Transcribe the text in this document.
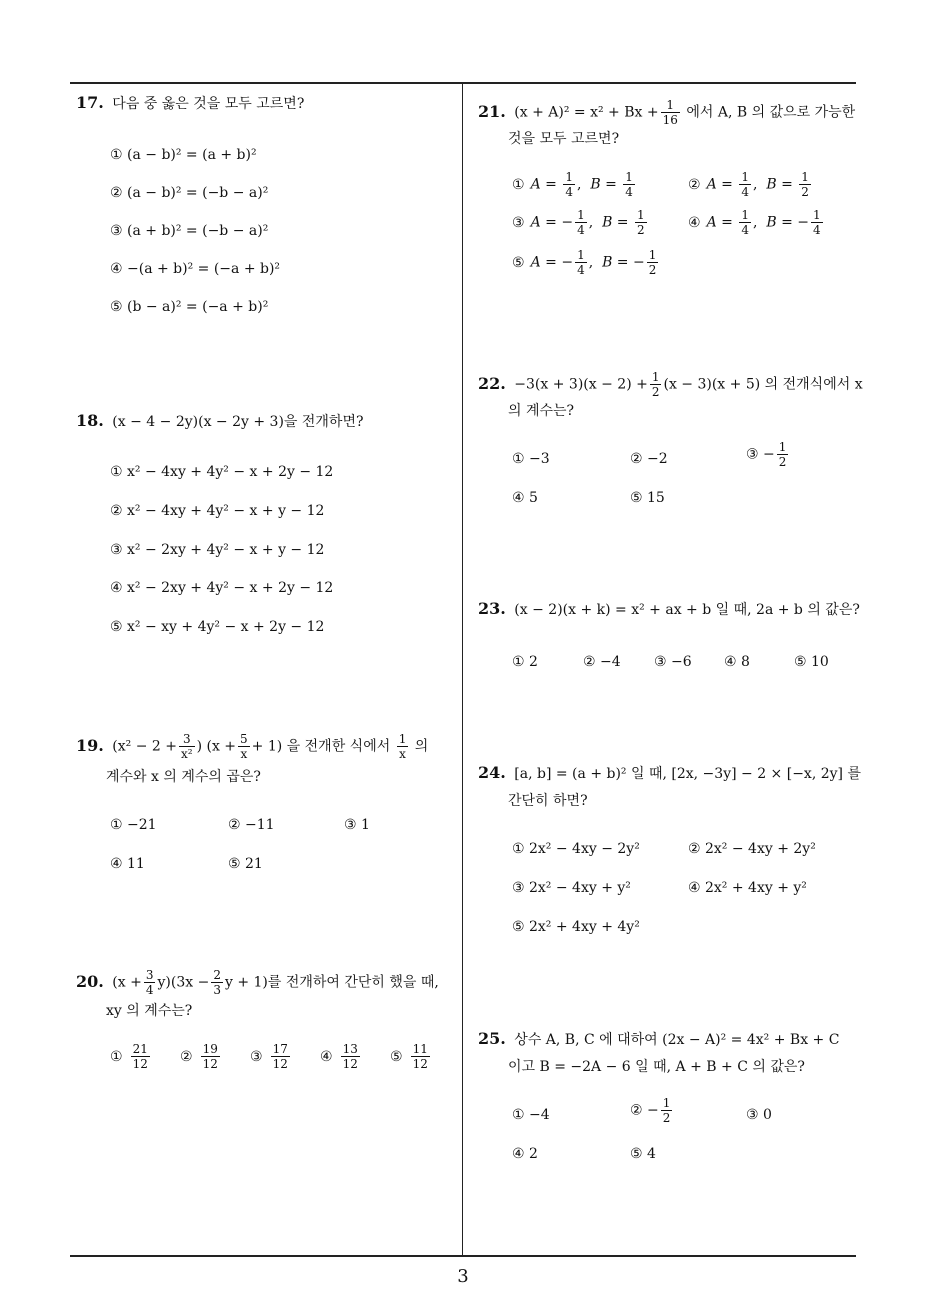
17. 다음 중 옳은 것을 모두 고르면?
① (a − b)² = (a + b)²
② (a − b)² = (−b − a)²
③ (a + b)² = (−b − a)²
④ −(a + b)² = (−a + b)²
⑤ (b − a)² = (−a + b)²
18. (x − 4 − 2y)(x − 2y + 3)을 전개하면?
① x² − 4xy + 4y² − x + 2y − 12
② x² − 4xy + 4y² − x + y − 12
③ x² − 2xy + 4y² − x + y − 12
④ x² − 2xy + 4y² − x + 2y − 12
⑤ x² − xy + 4y² − x + 2y − 12
19. ($x^2 - 2 + \frac{3}{\text{x²}}$ ) $(x + \frac{5}{x} + 1)$ 을 전개한 식에서 $\frac{1}{x}$ 의
계수와 x 의 계수의 곱은?
① −21	② −11	③ 1
④ 11	⑤ 21
20. $(x + \frac{3}{4} y)(3x - \frac{2}{3}$ y + 1)를 전개하여 간단히 했을 때,
xy 의 계수는?
① $\frac{21}{12}$ ② $\frac{19}{12}$ ③ $\frac{17}{12}$ ④ $\frac{13}{12}$ ⑤ $\frac{11}{12}$
21. $(x + A)^2 = x^2 + Bx + \frac{1}{16}$ 에서 A, B 의 값으로 가능한
것을 모두 고르면?
① $A = \frac{1}{4}$ ,  $B = \frac{1}{4}$	② $A = \frac{1}{4}$ ,  $B = \frac{1}{2}$
③ A = − $\frac{1}{4}$ ,  $B = \frac{1}{2}$	④ $A = \frac{1}{4}$ ,  B = − $\frac{1}{4}$
⑤ A = − $\frac{1}{4}$ ,  B = − $\frac{1}{2}$
22. $-3(x + 3)(x - 2) + \frac{1}{2} (x - 3)(x + 5)$ 의 전개식에서 x
의 계수는?
① −3	② −2	③ − $\frac{1}{2}$
④ 5	⑤ 15
23. (x − 2)(x + k) = x² + ax + b 일 때, 2a + b 의 값은?
① 2	② −4 ③ −6 ④ 8	⑤ 10
24. [a, b] = (a + b)² 일 때, [2x, −3y] − 2 × [−x, 2y] 를
간단히 하면?
① 2x² − 4xy − 2y²	② 2x² − 4xy + 2y²
③ 2x² − 4xy + y²	④ 2x² + 4xy + y²
⑤ 2x² + 4xy + 4y²
25. 상수 A, B, C 에 대하여 (2x − A)² = 4x² + Bx + C
이고 B = −2A − 6 일 때, A + B + C 의 값은?
① −4	② − $\frac{1}{2}$	③ 0
④ 2	⑤ 4
3
